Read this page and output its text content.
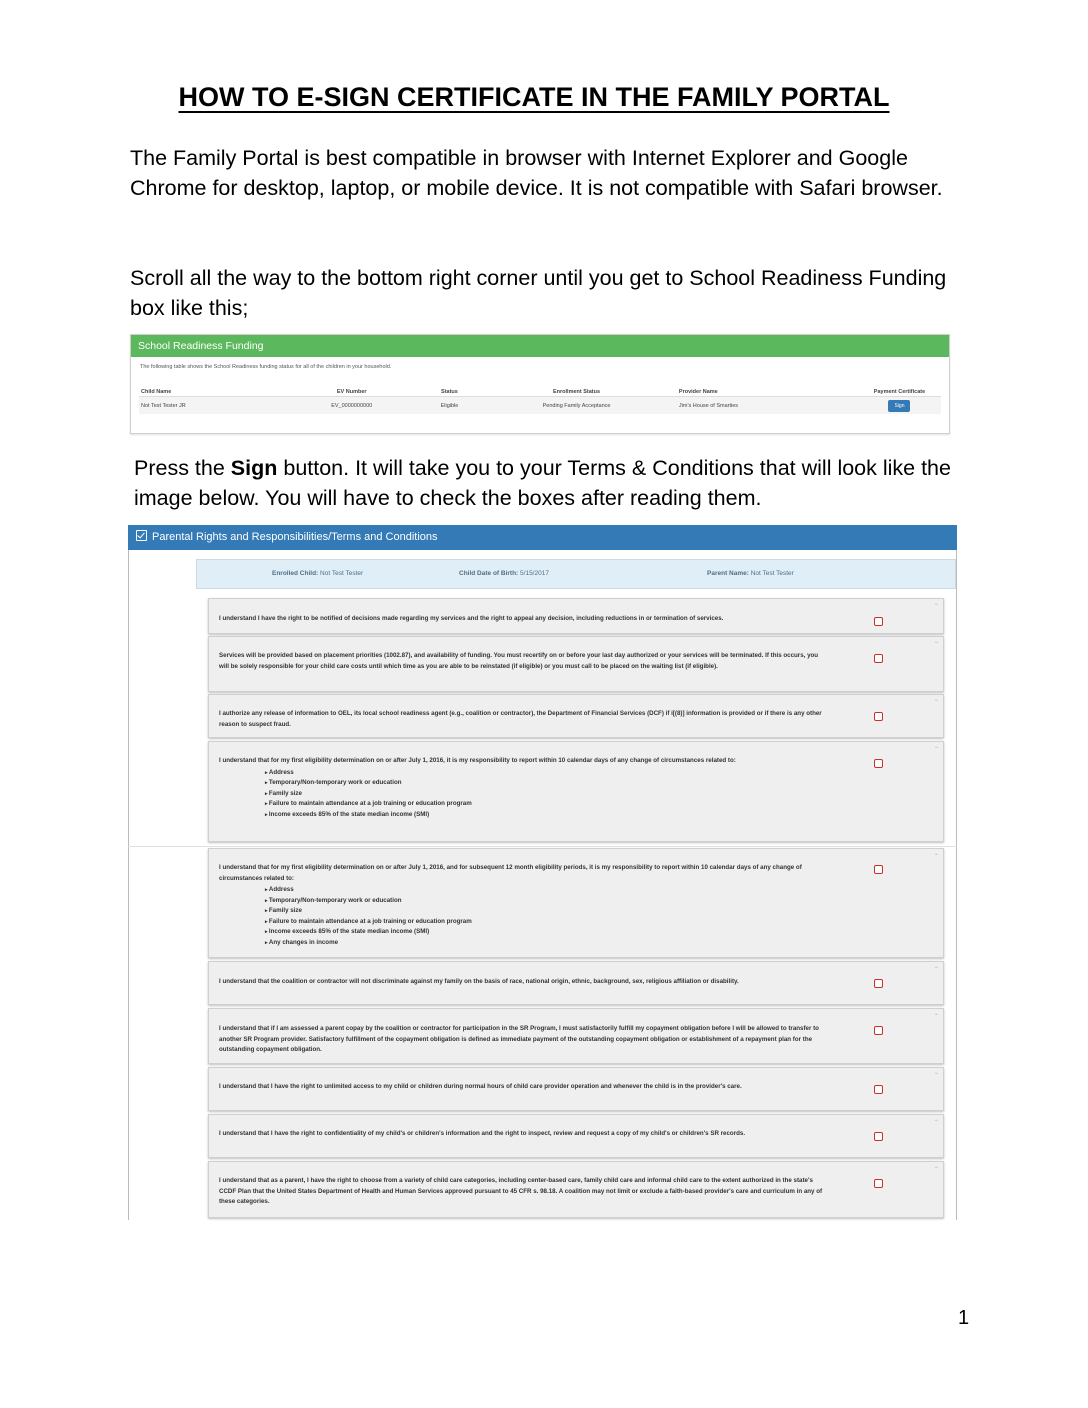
HOW TO E-SIGN CERTIFICATE IN THE FAMILY PORTAL
The Family Portal is best compatible in browser with Internet Explorer and Google Chrome for desktop, laptop, or mobile device. It is not compatible with Safari browser.
Scroll all the way to the bottom right corner until you get to School Readiness Funding box like this;
School Readiness Funding
The following table shows the School Readiness funding status for all of the children in your household.
Child Name	EV Number	Status	Enrollment Status	Provider Name	Payment Certificate
Not Test Tester JR	EV_0000000000	Eligible	Pending Family Acceptance	Jim's House of Smarties	Sign
Press the Sign button. It will take you to your Terms & Conditions that will look like the image below. You will have to check the boxes after reading them.
Parental Rights and Responsibilities/Terms and Conditions
Enrolled Child: Not Test Tester	Child Date of Birth: 5/15/2017	Parent Name: Not Test Tester
I understand I have the right to be notified of decisions made regarding my services and the right to appeal any decision, including reductions in or termination of services.
−
Services will be provided based on placement priorities (1002.87), and availability of funding. You must recertify on or before your last day authorized or your services will be terminated. If this occurs, you will be solely responsible for your child care costs until which time as you are able to be reinstated (if eligible) or you must call to be placed on the waiting list (if eligible).
−
I authorize any release of information to OEL, its local school readiness agent (e.g., coalition or contractor), the Department of Financial Services (DCF) if i[(8)] information is provided or if there is any other reason to suspect fraud.
−
I understand that for my first eligibility determination on or after July 1, 2016, it is my responsibility to report within 10 calendar days of any change of circumstances related to:
▸ Address
▸ Temporary/Non-temporary work or education
▸ Family size
▸ Failure to maintain attendance at a job training or education program
▸ Income exceeds 85% of the state median income (SMI)
−
I understand that for my first eligibility determination on or after July 1, 2016, and for subsequent 12 month eligibility periods, it is my responsibility to report within 10 calendar days of any change of circumstances related to:
▸ Address
▸ Temporary/Non-temporary work or education
▸ Family size
▸ Failure to maintain attendance at a job training or education program
▸ Income exceeds 85% of the state median income (SMI)
▸ Any changes in income
−
I understand that the coalition or contractor will not discriminate against my family on the basis of race, national origin, ethnic, background, sex, religious affiliation or disability.
−
I understand that if I am assessed a parent copay by the coalition or contractor for participation in the SR Program, I must satisfactorily fulfill my copayment obligation before I will be allowed to transfer to another SR Program provider. Satisfactory fulfillment of the copayment obligation is defined as immediate payment of the outstanding copayment obligation or establishment of a repayment plan for the outstanding copayment obligation.
−
I understand that I have the right to unlimited access to my child or children during normal hours of child care provider operation and whenever the child is in the provider's care.
−
I understand that I have the right to confidentiality of my child's or children's information and the right to inspect, review and request a copy of my child's or children's SR records.
−
I understand that as a parent, I have the right to choose from a variety of child care categories, including center-based care, family child care and informal child care to the extent authorized in the state's CCDF Plan that the United States Department of Health and Human Services approved pursuant to 45 CFR s. 98.18. A coalition may not limit or exclude a faith-based provider's care and curriculum in any of these categories.
−
1
